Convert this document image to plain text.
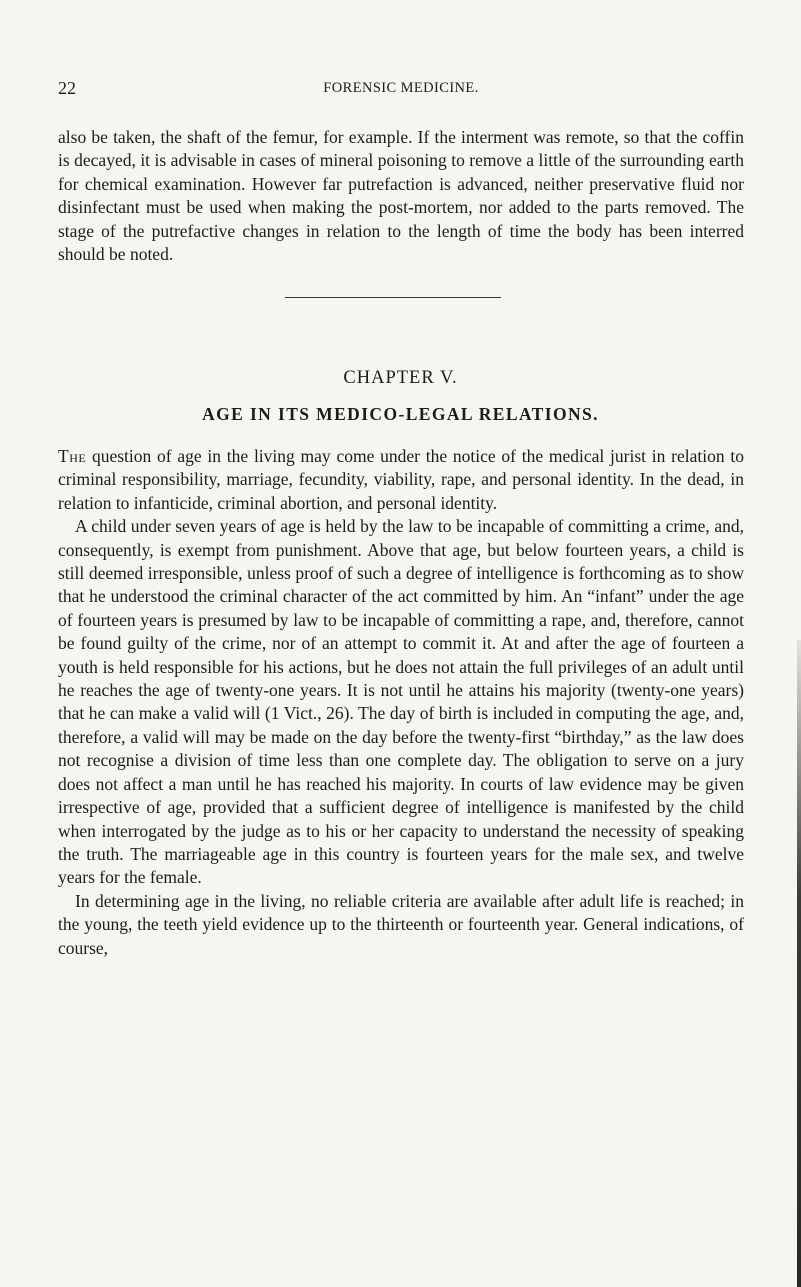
22	FORENSIC MEDICINE.

also be taken, the shaft of the femur, for example. If the interment was remote, so that the coffin is decayed, it is advisable in cases of mineral poisoning to remove a little of the surrounding earth for chemical examination. However far putrefaction is advanced, neither preservative fluid nor disinfectant must be used when making the post-mortem, nor added to the parts removed. The stage of the putrefactive changes in relation to the length of time the body has been interred should be noted.

CHAPTER V.
AGE IN ITS MEDICO-LEGAL RELATIONS.

The question of age in the living may come under the notice of the medical jurist in relation to criminal responsibility, marriage, fecundity, viability, rape, and personal identity. In the dead, in relation to infanticide, criminal abortion, and personal identity.

A child under seven years of age is held by the law to be incapable of committing a crime, and, consequently, is exempt from punishment. Above that age, but below fourteen years, a child is still deemed irresponsible, unless proof of such a degree of intelligence is forthcoming as to show that he understood the criminal character of the act committed by him. An “infant” under the age of fourteen years is presumed by law to be incapable of committing a rape, and, therefore, cannot be found guilty of the crime, nor of an attempt to commit it. At and after the age of fourteen a youth is held responsible for his actions, but he does not attain the full privileges of an adult until he reaches the age of twenty-one years. It is not until he attains his majority (twenty-one years) that he can make a valid will (1 Vict., 26). The day of birth is included in computing the age, and, therefore, a valid will may be made on the day before the twenty-first “birthday,” as the law does not recognise a division of time less than one complete day. The obligation to serve on a jury does not affect a man until he has reached his majority. In courts of law evidence may be given irrespective of age, provided that a sufficient degree of intelligence is manifested by the child when interrogated by the judge as to his or her capacity to understand the necessity of speaking the truth. The marriageable age in this country is fourteen years for the male sex, and twelve years for the female.

In determining age in the living, no reliable criteria are available after adult life is reached; in the young, the teeth yield evidence up to the thirteenth or fourteenth year. General indications, of course,
